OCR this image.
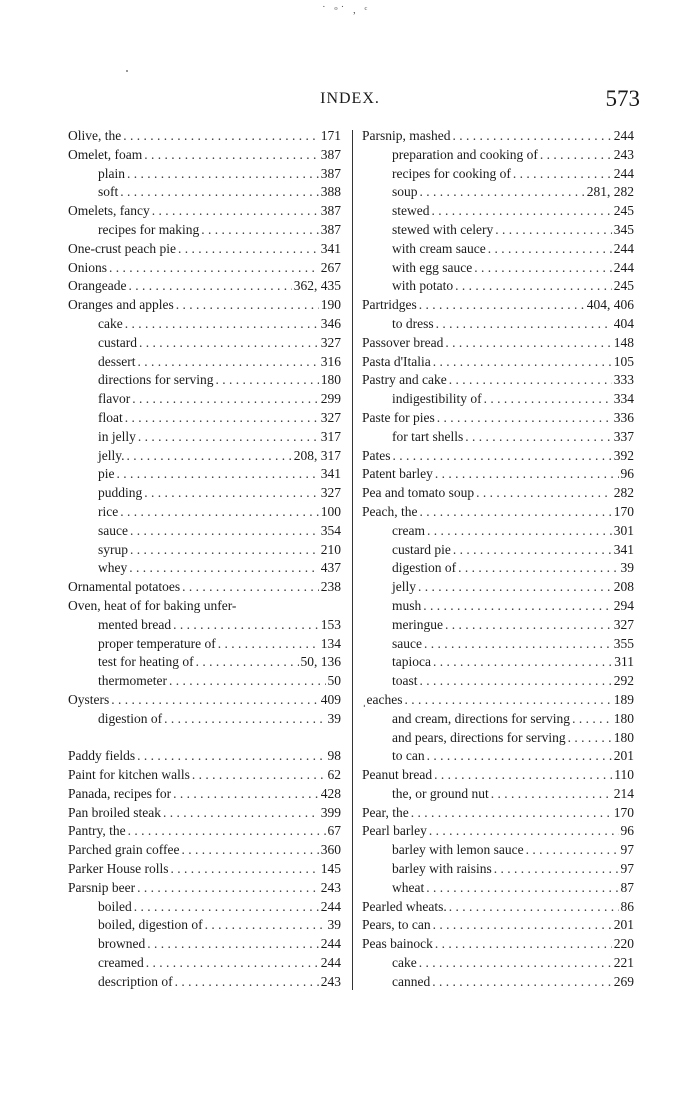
˙ ᵒ˙ , ᶜ
INDEX.	573
Olive, the . . .	171
Omelet, foam . . .	387
plain . . .	387
soft . . .	388
Omelets, fancy . . .	387
recipes for making . . .	387
One-crust peach pie . . .	341
Onions . . .	267
Orangeade . . .	362, 435
Oranges and apples . . .	190
cake . . .	346
custard . . .	327
dessert . . .	316
directions for serving . . .	180
flavor . . .	299
float . . .	327
in jelly . . .	317
jelly. . . .	208, 317
pie . . .	341
pudding . . .	327
rice . . .	100
sauce . . .	354
syrup . . .	210
whey . . .	437
Ornamental potatoes . . .	238
Oven, heat of for baking unfer-
mented bread . . .	153
proper temperature of . . .	134
test for heating of . . .	50, 136
thermometer . . .	50
Oysters . . .	409
digestion of . . .	39
Paddy fields . . .	98
Paint for kitchen walls . . .	62
Panada, recipes for . . .	428
Pan broiled steak . . .	399
Pantry, the . . .	67
Parched grain coffee . . .	360
Parker House rolls . . .	145
Parsnip beer . . .	243
boiled . . .	244
boiled, digestion of . . .	39
browned . . .	244
creamed . . .	244
description of . . .	243
Parsnip, mashed . . .	244
preparation and cooking of . . .	243
recipes for cooking of . . .	244
soup . . .	281, 282
stewed . . .	245
stewed with celery . . .	345
with cream sauce . . .	244
with egg sauce . . .	244
with potato . . .	245
Partridges . . .	404, 406
to dress . . .	404
Passover bread . . .	148
Pasta d'Italia . . .	105
Pastry and cake . . .	333
indigestibility of . . .	334
Paste for pies . . .	336
for tart shells . . .	337
Pates . . .	392
Patent barley . . .	96
Pea and tomato soup . . .	282
Peach, the . . .	170
cream . . .	301
custard pie . . .	341
digestion of . . .	39
jelly . . .	208
mush . . .	294
meringue . . .	327
sauce . . .	355
tapioca . . .	311
toast . . .	292
ˌeaches . . .	189
and cream, directions for serving . . .	180
and pears, directions for serving . . .	180
to can . . .	201
Peanut bread . . .	110
the, or ground nut . . .	214
Pear, the . . .	170
Pearl barley . . .	96
barley with lemon sauce . . .	97
barley with raisins . . .	97
wheat . . .	87
Pearled wheats. . . .	86
Pears, to can . . .	201
Peas bainock . . .	220
cake . . .	221
canned . . .	269
